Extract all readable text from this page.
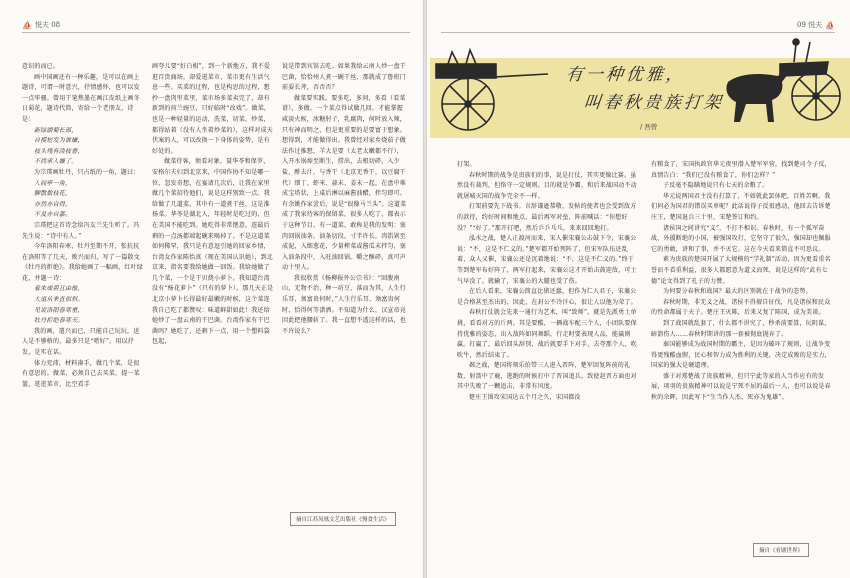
⛵ 悦夫 08

意识的而已。

画中国画还有一种乐趣，是可以在画上题诗，可谓一时意兴，抒情感怀，也可以发一点牢骚。曾用干笔焦墨在画江皮纸上画冬日菊花，题诗代简，寄给一个老朋友，诗是：

新绿湖菊长部，

自摸短发为谁嫌，

枝头残有淡枝香，

不尚承人嫌了。

为宗璞画牡丹，只占纸的一角，题曰：

人间亭一角，

聊散数枝花，

亦然亦自得，

不及亦自嘉。

宗璞把这首诗念给冯友兰先生听了。冯先生说：“诗中有人。”

今年洛阳春寒，牡丹至期不开，张抗抗在洛阳等了几天，败兴而归，写了一篇散文《牡丹的拒绝》。我给她画了一幅画，红叶绿花，并题一诗：

看朱成碧且由他，

大道从来直似斜。

见说洛阳春寒重，

牡丹拒绝春寒天。

我的画，遣兴而已，只能自己玩玩，送人是不够格的，最多只是“嗜好”，用以抒发，是实在话。

体力充沛，材料凑手，做几个菜，是很有意思的。做菜，必须自己去买菜，提一菜篮，逛逛菜市，比空看手

画夸儿要“好白相”，到一个新地方，我不爱逛百货商场，却爱逛菜市，菜市更有生活气息一些。买菜的过程，也是构思的过程，想抄一盘肉里菜里，菜市场多菜卖完了，却有新到的荷兰豌豆，只好临时“改戏”。做菜，也是一种轻量的运动，洗菜，切菜，炒菜，都得站着（没有人坐着炒菜的），这样对成天伏案的人，可以改换一下身体的姿势，是有好处的。

做菜待客，须看对象。聂华苓和保罗，安格尔夫妇到北京来，中国作协不知是哪一位，忽发奇想，在宴请几次后，让我在家里做几个菜招待他们，说是这样别致一点。我给做了几道菜，其中有一道煮干丝，这是淮扬菜。华苓是湖北人，年轻时是吃过的，但在美国不能吃到。她吃得非常惬意，连最后剩的一点汤都端起碗来喝掉了。不是这道菜如何稀罕，我只是有意逗引她的回家乡情，台湾女作家陈怡真（现在美国认识她），到北京来，指名要我给她做一回饭。我给她做了几个菜，一个是干贝烧小萝卜。我知道台湾没有“杨花萝卜”（只有的萝卜）。那几天正是北京小萝卜长得最好最嫩的时候，这个菜连我自己吃了都赞叹：味道鲜甜如此！我还给她炒了一盘云南的干巴菌。台湾作家有干巴菌吗？她吃了，还剩下一点，用一个塑料袋包起，

说是带到宾馆去吃。如果我给云南人炒一盘干巴菌，恰恰州人煮一碗干丝，那就成了鲁班门前耍长斧，否否否？

做菜要实践。要多吃，多问，多看（看菜谱），多做。一个菜点得试做几回，才能掌握咸淡火候，冰糖肘子，乳腐肉，何时放入辣，只有神而明之，但是更重要的是要富于想象。想得到，才能做得出。我曾经对家乡烧茄子做法作过推想，羊大是要（太老太嫩都不行），入开水锅焯至断生，捞出，去根切碎，入少盐、酢去汁，与香干（北京无香干，以豆腐干代）细丁、虾米、蒜末、姜末一起，在盘中堆成宝塔状，上桌后淋以麻酱油醋，拌匀即可。有余姚作家尝后，说是“很像马兰头”。这道菜成了我家待客的保留菜，很多人吃了，都表示于这种节目。有一道菜，敢称是我的发明：塞肉回锅油条，油条切段，寸半许长，肉馅剁至成泥，入细葱花，少量榨菜或酱瓜末拌匀，塞入油条段中，入旺油回锅。嚼之酥碎，真可声动十里人。

我很欣赏《杨柳报外公宗书》：“回腹南山，无物不治，种一坊豆，落而为其，人生行乐耳，须富贵何时，”人生行乐耳，须富贵何时，恰得何等潇洒。不知道为什么，汉宣帝竟因此把他腰斩了。我一直想不透这样的话，也不许说么？

摘自江苏凤凰文艺出版社《慢食生活》
09 悦夫 ⛵

打架。

春秋时期的战争是贵族们的事，说是打仗，其实更像比赛。虽然没有裁判，但恪守一定规则。目的就是争霸，和后来战国动不动就屠城灭国的战争完全不一样。

打架前要先下战书。言辞谦逊恭敬，发帖的使者也会受到敌方的款待，约好时间和地点，最后再军对垒，阵前喊话：“你想好没？”“好了。”那开打吧，然后乒乒乓乓，来来回回地打。

泓水之战，楚人正渡河而来，宋人催宋襄公击鼓下令，宋襄公说：“不，这是不仁义的。”楚军都开始列阵了，但宋军队伍还乱着，众人又催，宋襄公还是沉着地说：“不，这是不仁义的。”终于等到楚军布好阵了，两军打起来，宋襄公这才开始击鼓迎敌，可士气早没了。就输了，宋襄公的大腿也受了伤。

在后人看来，宋襄公简直比猪还蠢，但作为仁人君子，宋襄公是合格甚至杰出的，因此，在封公不冷汗心，很让人以他为荣了。

春秋打仗就会先来一通行为艺术，叫“致师”。就是先派勇士单挑，看看对方的斤两。其是要酷，一辆战车配三个人，小团队要保持优雅的姿态，出入敌阵如同舞蹈，行走时要表现人品，能赢则赢。打赢了，最后回头辞别，战后就要手下对手，去夸那个人，吹吹牛，然后结束了。

邲之战，楚国将领乐伯带三人进入晋阵，楚军回复阵前的礼数，射箭中了鹿，逃跑的时候打中了晋国追兵，致使赵晋方面也对其中失败了一颗追击，非常有风度。

楚庄王围攻宋国达五个月之久，宋国都没

有粮食了，宋国执政官华元夜里潜入楚军军营，找到楚司令子反，真情告白：“我们已没有粮食了，你们怎样？”

子反毫不隐瞒地说只有七天的余粮了。

华元说两国君主没有打算了，不如就此罢休吧，百姓苦啊，我们何必为国君的错误买单呢？此话说得子反很感动，他回去告诉楚庄王，楚国退兵三十里，宋楚签订和约。

诸侯国之间讲究“义”，不打不相识。春秋时，有一个孤军奋战、外援断绝的小国，被强国攻打，它坚守了很久，强国却也佩服它的勇敢，讲和了事，并不灭它。这在今天看来简直不可思议。

素为贵族的楚国开展了大规模的“学礼制”活动，因为更看重名誉而不看重利益，很多人都愿意为道义而死，说是这样的“武有七德”论文得到了孔子的力赞。

为何要分春秋和战国？最大的区别就在于战争的态势。

春秋时期，非无义之战，诸侯不得擅自征伐，凡是诸侯和民众的性命都属于天子。楚庄王灭陈，后来又复了陈国，成为美谈。

到了战国就乱套了，什么都不讲究了，秒杀前要算，玩阴谋，暗箭伤人……春秋时期讲的那一套被彻底抛弃了。

秦国能够成为战国时期的霸主，是因为破坏了规则，让战争变得更残酷血腥，民心和智力成为胜利的关键，决定成败的是实力，国家的强大是硬道理。

盛于对郑楚战了贵族精神，但只宁此等家的人当作应有的发展，项羽的贵族精神可以说是宁死不屈的最后一人，也可以说是春秋的余晖，因此写下“生当作人杰，死亦为鬼雄”。

摘自《看剧世界》
有一种优雅，
叫春秋贵族打架
/ 吾曾
